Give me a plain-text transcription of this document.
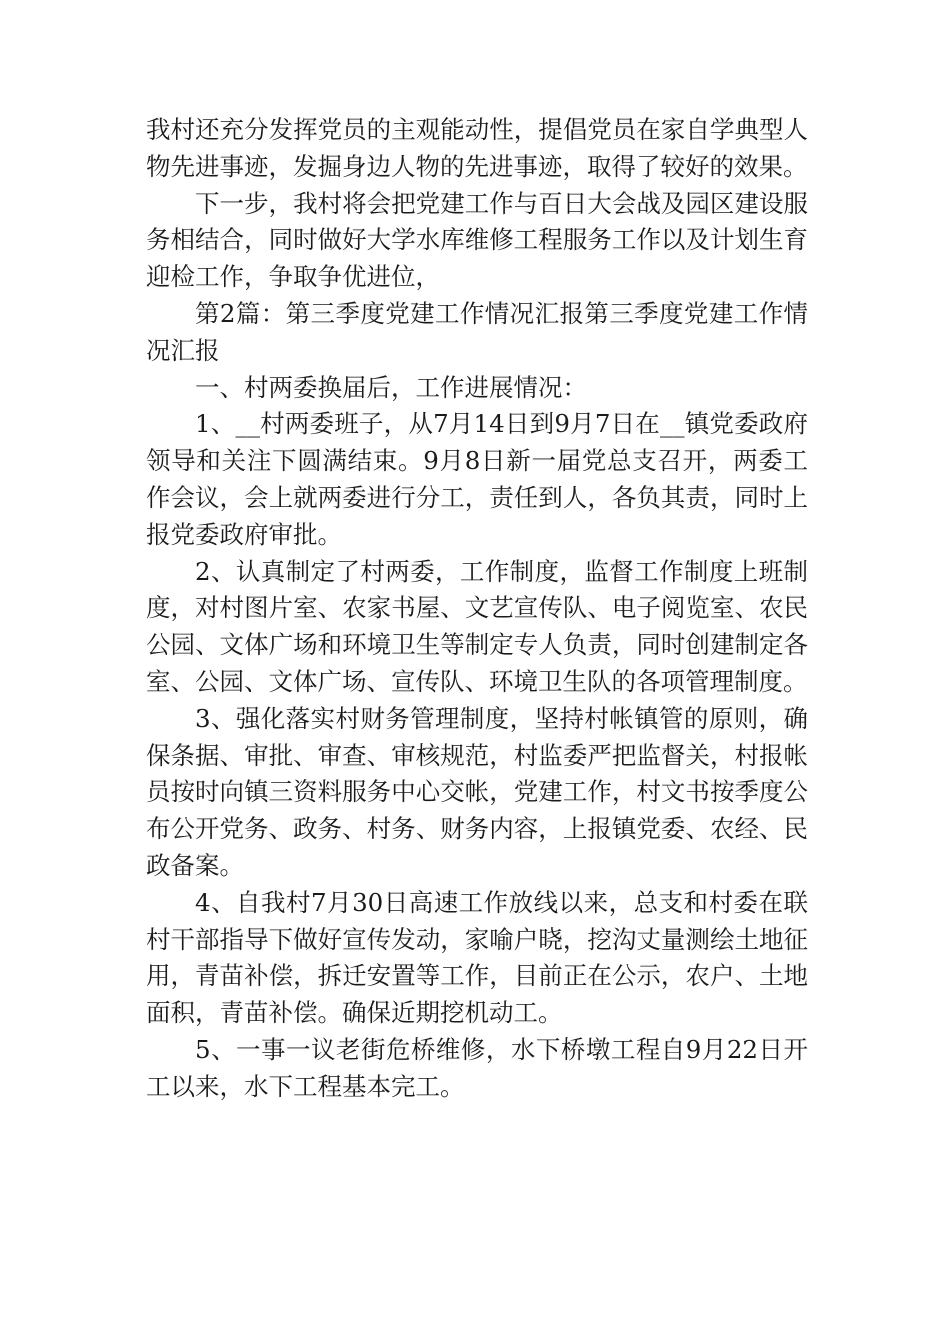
我村还充分发挥党员的主观能动性，提倡党员在家自学典型人物先进事迹，发掘身边人物的先进事迹，取得了较好的效果。

下一步，我村将会把党建工作与百日大会战及园区建设服务相结合，同时做好大学水库维修工程服务工作以及计划生育迎检工作，争取争优进位，

第2篇：第三季度党建工作情况汇报第三季度党建工作情况汇报

一、村两委换届后，工作进展情况：

1、__村两委班子，从7月14日到9月7日在__镇党委政府领导和关注下圆满结束。9月8日新一届党总支召开，两委工作会议，会上就两委进行分工，责任到人，各负其责，同时上报党委政府审批。

2、认真制定了村两委，工作制度，监督工作制度上班制度，对村图片室、农家书屋、文艺宣传队、电子阅览室、农民公园、文体广场和环境卫生等制定专人负责，同时创建制定各室、公园、文体广场、宣传队、环境卫生队的各项管理制度。

3、强化落实村财务管理制度，坚持村帐镇管的原则，确保条据、审批、审查、审核规范，村监委严把监督关，村报帐员按时向镇三资料服务中心交帐，党建工作，村文书按季度公布公开党务、政务、村务、财务内容，上报镇党委、农经、民政备案。

4、自我村7月30日高速工作放线以来，总支和村委在联村干部指导下做好宣传发动，家喻户晓，挖沟丈量测绘土地征用，青苗补偿，拆迁安置等工作，目前正在公示，农户、土地面积，青苗补偿。确保近期挖机动工。

5、一事一议老街危桥维修，水下桥墩工程自9月22日开工以来，水下工程基本完工。
